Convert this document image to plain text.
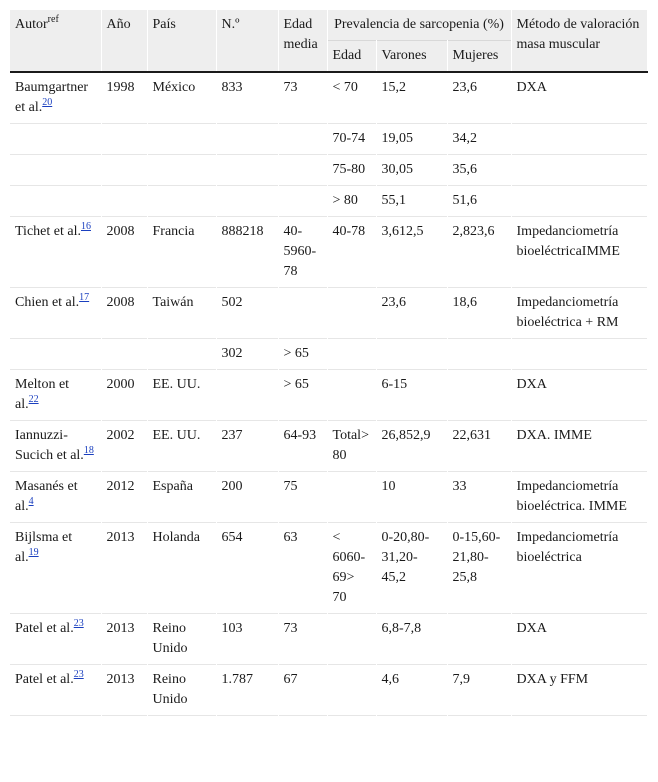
Autor$^{ref}$	Año	País	N.º	Edad media	Prevalencia de sarcopenia (%)			Método de valoración masa muscular
					Edad	Varones	Mujeres	
Baumgartner et al.$^{20}$	1998	México	833	73	< 70	15,2	23,6	DXA
					70-74	19,05	34,2	
					75-80	30,05	35,6	
					> 80	55,1	51,6	
Tichet et al.$^{16}$	2008	Francia	888218	40-5960-78	40-78	3,612,5	2,823,6	Impedanciometría bioeléctricaIMME
Chien et al.$^{17}$	2008	Taiwán	502			23,6	18,6	Impedanciometría bioeléctrica + RM
			302	> 65				
Melton et al.$^{22}$	2000	EE. UU.		> 65		6-15		DXA
Iannuzzi-Sucich et al.$^{18}$	2002	EE. UU.	237	64-93	Total> 80	26,852,9	22,631	DXA. IMME
Masanés et al.$^4$	2012	España	200	75		10	33	Impedanciometría bioeléctrica. IMME
Bijlsma et al.$^{19}$	2013	Holanda	654	63	< 6060-69> 70	0-20,80-31,20-45,2	0-15,60-21,80-25,8	Impedanciometría bioeléctrica
Patel et al.$^{23}$	2013	Reino Unido	103	73		6,8-7,8		DXA
Patel et al.$^{23}$	2013	Reino Unido	1.787	67		4,6	7,9	DXA y FFM
